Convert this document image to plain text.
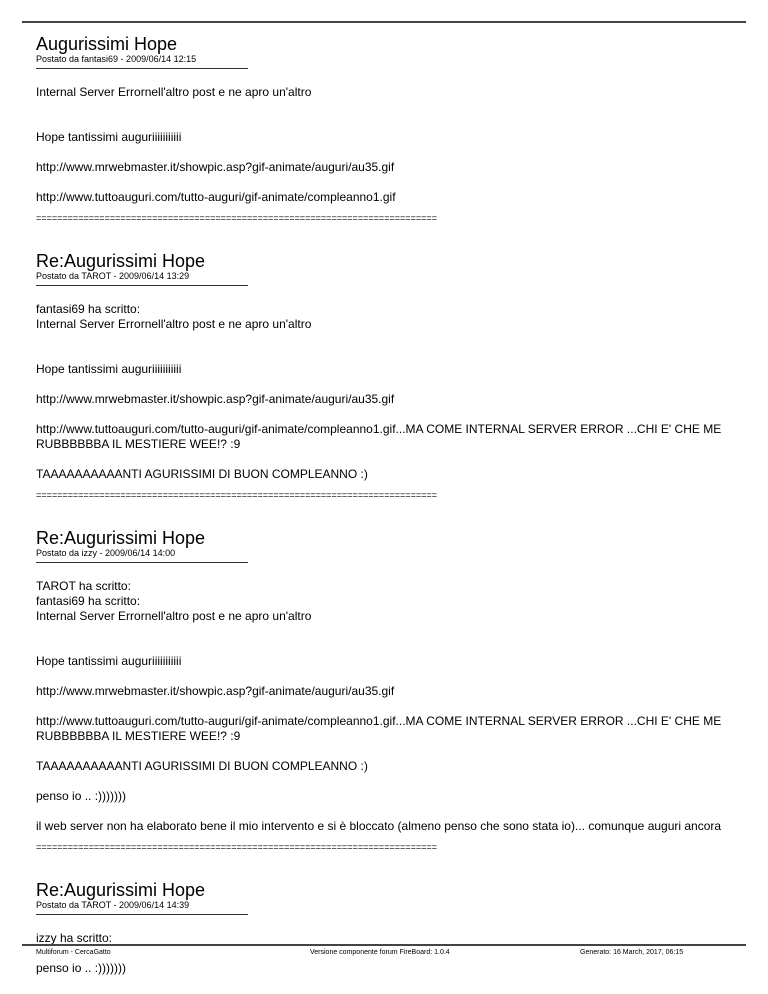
Augurissimi Hope
Postato da fantasi69 - 2009/06/14 12:15

Internal Server Errornell'altro post e ne apro un'altro

Hope tantissimi auguriiiiiiiiiii

http://www.mrwebmaster.it/showpic.asp?gif-animate/auguri/au35.gif

http://www.tuttoauguri.com/tutto-auguri/gif-animate/compleanno1.gif

============================================================================
Re:Augurissimi Hope
Postato da TAROT - 2009/06/14 13:29

fantasi69 ha scritto:

Internal Server Errornell'altro post e ne apro un'altro

Hope tantissimi auguriiiiiiiiiii

http://www.mrwebmaster.it/showpic.asp?gif-animate/auguri/au35.gif

http://www.tuttoauguri.com/tutto-auguri/gif-animate/compleanno1.gif...MA COME INTERNAL SERVER ERROR ...CHI E' CHE ME RUBBBBBBA IL MESTIERE WEE!? :9

TAAAAAAAAAANTI AGURISSIMI DI BUON COMPLEANNO :)

============================================================================
Re:Augurissimi Hope
Postato da izzy - 2009/06/14 14:00

TAROT ha scritto:

fantasi69 ha scritto:

Internal Server Errornell'altro post e ne apro un'altro

Hope tantissimi auguriiiiiiiiiii

http://www.mrwebmaster.it/showpic.asp?gif-animate/auguri/au35.gif

http://www.tuttoauguri.com/tutto-auguri/gif-animate/compleanno1.gif...MA COME INTERNAL SERVER ERROR ...CHI E' CHE ME RUBBBBBBA IL MESTIERE WEE!? :9

TAAAAAAAAAANTI AGURISSIMI DI BUON COMPLEANNO :)

penso io .. :)))))))

il web server non ha elaborato bene il mio intervento e si è bloccato (almeno penso che sono stata io)... comunque auguri ancora

============================================================================
Re:Augurissimi Hope
Postato da TAROT - 2009/06/14 14:39

izzy ha scritto:

penso io .. :)))))))

Multiforum - CercaGatto	Versione componente forum FireBoard: 1.0.4	Generato: 16 March, 2017, 06:15
